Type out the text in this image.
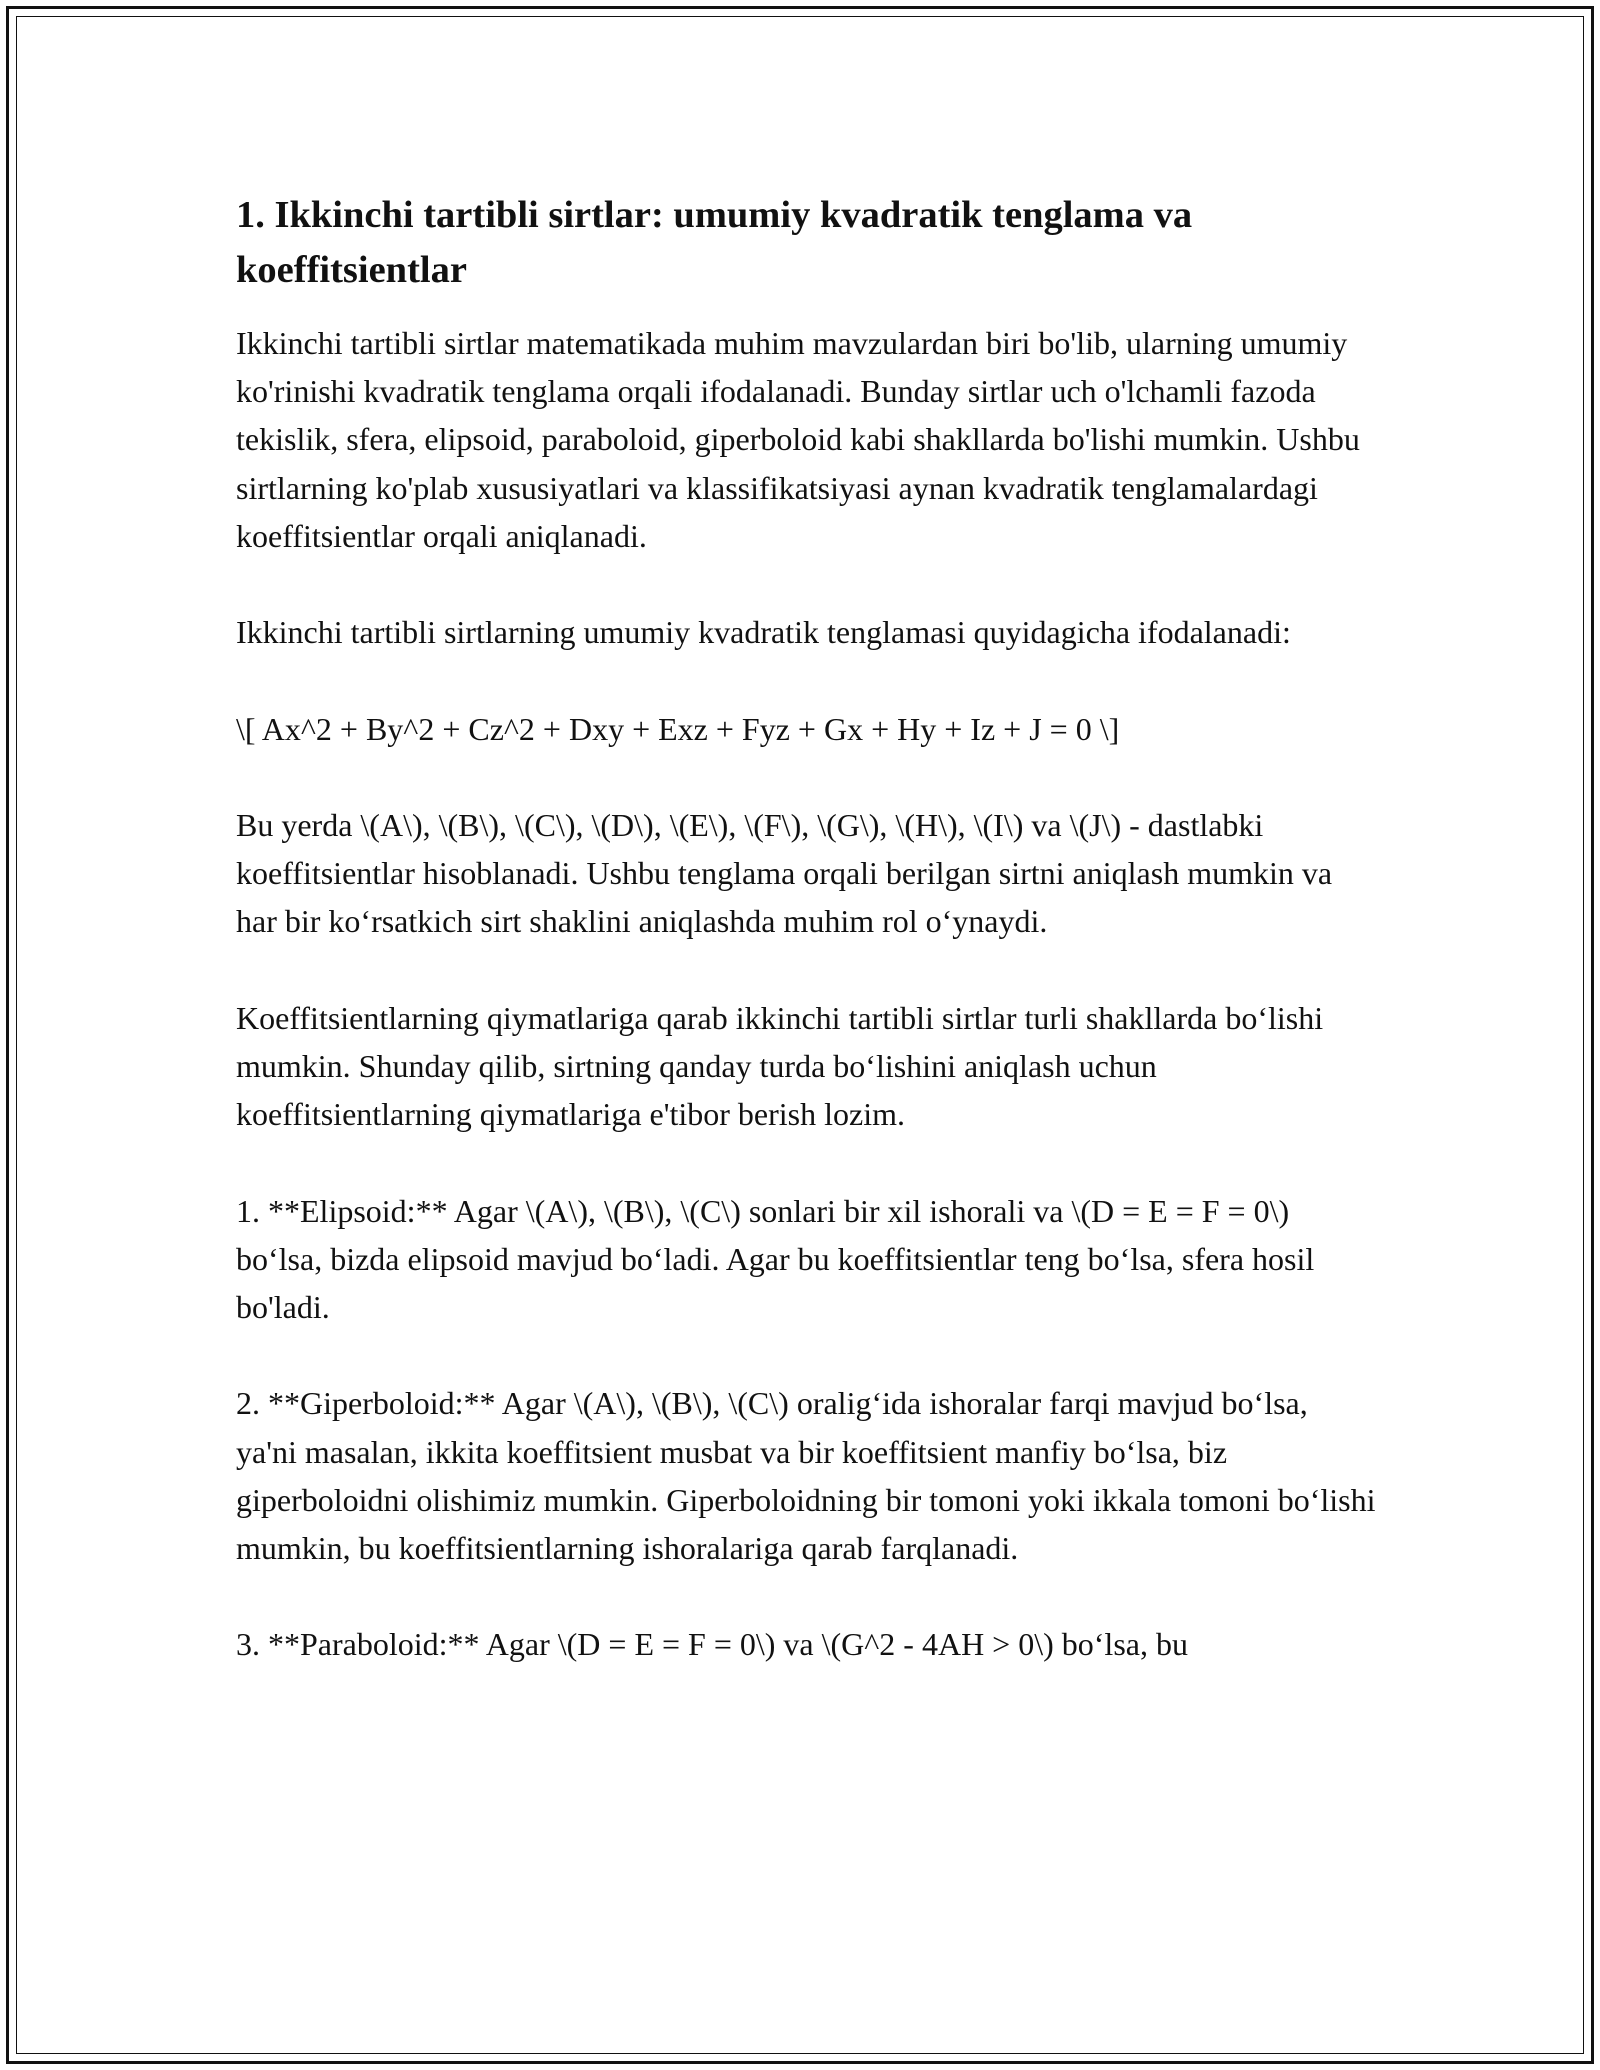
1. Ikkinchi tartibli sirtlar: umumiy kvadratik tenglama va koeffitsientlar

Ikkinchi tartibli sirtlar matematikada muhim mavzulardan biri bo'lib, ularning umumiy ko'rinishi kvadratik tenglama orqali ifodalanadi. Bunday sirtlar uch o'lchamli fazoda tekislik, sfera, elipsoid, paraboloid, giperboloid kabi shakllarda bo'lishi mumkin. Ushbu sirtlarning ko'plab xususiyatlari va klassifikatsiyasi aynan kvadratik tenglamalardagi koeffitsientlar orqali aniqlanadi.

Ikkinchi tartibli sirtlarning umumiy kvadratik tenglamasi quyidagicha ifodalanadi:

\[ Ax^2 + By^2 + Cz^2 + Dxy + Exz + Fyz + Gx + Hy + Iz + J = 0 \]

Bu yerda \(A\), \(B\), \(C\), \(D\), \(E\), \(F\), \(G\), \(H\), \(I\) va \(J\) - dastlabki koeffitsientlar hisoblanadi. Ushbu tenglama orqali berilgan sirtni aniqlash mumkin va har bir koʻrsatkich sirt shaklini aniqlashda muhim rol oʻynaydi.

Koeffitsientlarning qiymatlariga qarab ikkinchi tartibli sirtlar turli shakllarda boʻlishi mumkin. Shunday qilib, sirtning qanday turda boʻlishini aniqlash uchun koeffitsientlarning qiymatlariga e'tibor berish lozim.

1. **Elipsoid:** Agar \(A\), \(B\), \(C\) sonlari bir xil ishorali va \(D = E = F = 0\) boʻlsa, bizda elipsoid mavjud boʻladi. Agar bu koeffitsientlar teng boʻlsa, sfera hosil bo'ladi.

2. **Giperboloid:** Agar \(A\), \(B\), \(C\) oraligʻida ishoralar farqi mavjud boʻlsa, ya'ni masalan, ikkita koeffitsient musbat va bir koeffitsient manfiy boʻlsa, biz giperboloidni olishimiz mumkin. Giperboloidning bir tomoni yoki ikkala tomoni boʻlishi mumkin, bu koeffitsientlarning ishoralariga qarab farqlanadi.

3. **Paraboloid:** Agar \(D = E = F = 0\) va \(G^2 - 4AH > 0\) boʻlsa, bu
